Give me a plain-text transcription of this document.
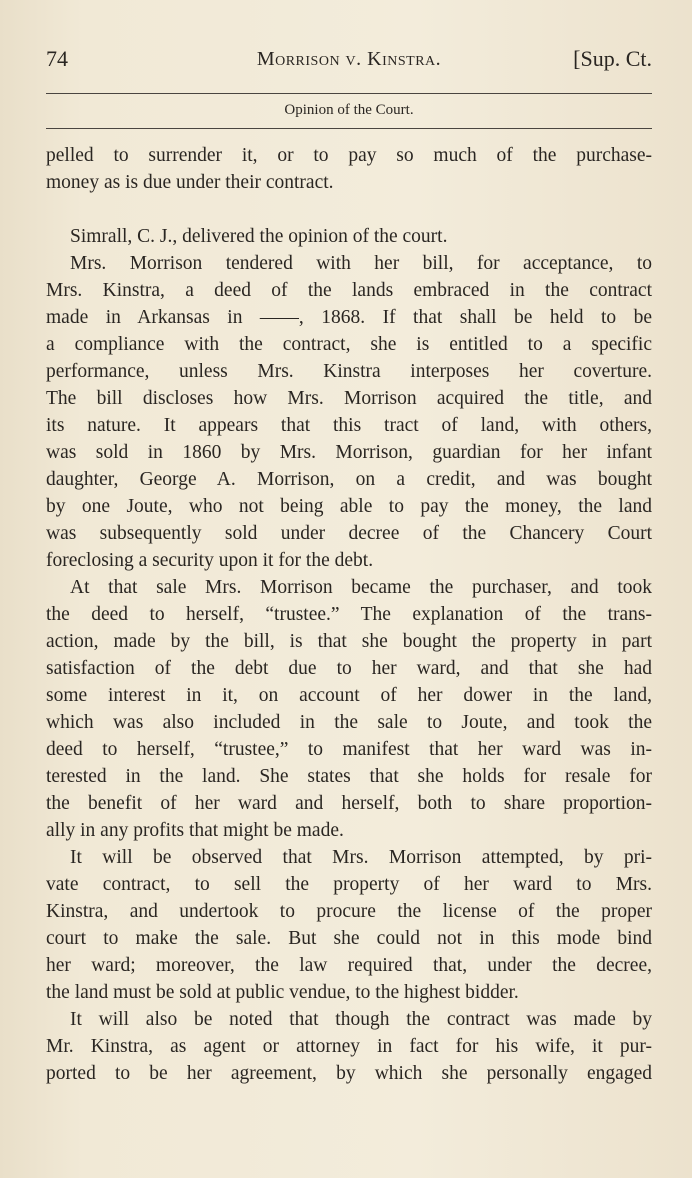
74	Morrison v. Kinstra.	[Sup. Ct.
Opinion of the Court.
pelled to surrender it, or to pay so much of the purchase-
money as is due under their contract.
Simrall, C. J., delivered the opinion of the court.
Mrs. Morrison tendered with her bill, for acceptance, to
Mrs. Kinstra, a deed of the lands embraced in the contract
made in Arkansas in ——, 1868. If that shall be held to be
a compliance with the contract, she is entitled to a specific
performance, unless Mrs. Kinstra interposes her coverture.
The bill discloses how Mrs. Morrison acquired the title, and
its nature. It appears that this tract of land, with others,
was sold in 1860 by Mrs. Morrison, guardian for her infant
daughter, George A. Morrison, on a credit, and was bought
by one Joute, who not being able to pay the money, the land
was subsequently sold under decree of the Chancery Court
foreclosing a security upon it for the debt.
At that sale Mrs. Morrison became the purchaser, and took
the deed to herself, “trustee.” The explanation of the trans-
action, made by the bill, is that she bought the property in part
satisfaction of the debt due to her ward, and that she had
some interest in it, on account of her dower in the land,
which was also included in the sale to Joute, and took the
deed to herself, “trustee,” to manifest that her ward was in-
terested in the land. She states that she holds for resale for
the benefit of her ward and herself, both to share proportion-
ally in any profits that might be made.
It will be observed that Mrs. Morrison attempted, by pri-
vate contract, to sell the property of her ward to Mrs.
Kinstra, and undertook to procure the license of the proper
court to make the sale. But she could not in this mode bind
her ward; moreover, the law required that, under the decree,
the land must be sold at public vendue, to the highest bidder.
It will also be noted that though the contract was made by
Mr. Kinstra, as agent or attorney in fact for his wife, it pur-
ported to be her agreement, by which she personally engaged
